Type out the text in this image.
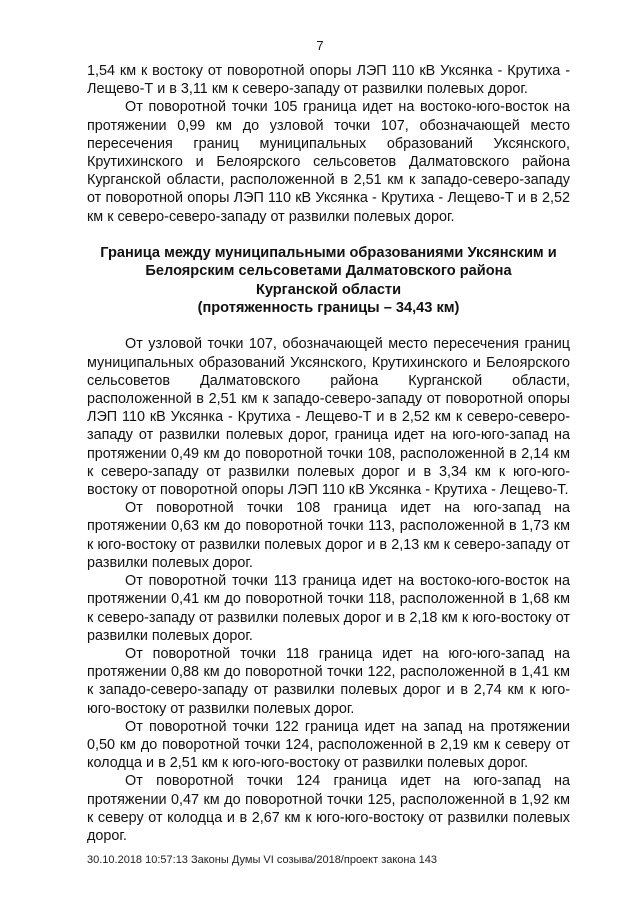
7

1,54 км к востоку от поворотной опоры ЛЭП 110 кВ Уксянка - Крутиха - Лещево-Т и в 3,11 км к северо-западу от развилки полевых дорог.

От поворотной точки 105 граница идет на востоко-юго-восток на протяжении 0,99 км до узловой точки 107, обозначающей место пересечения границ муниципальных образований Уксянского, Крутихинского и Белоярского сельсоветов Далматовского района Курганской области, расположенной в 2,51 км к западо-северо-западу от поворотной опоры ЛЭП 110 кВ Уксянка - Крутиха - Лещево-Т и в 2,52 км к северо-северо-западу от развилки полевых дорог.

Граница между муниципальными образованиями Уксянским и
Белоярским сельсоветами Далматовского района
Курганской области
(протяженность границы – 34,43 км)

От узловой точки 107, обозначающей место пересечения границ муниципальных образований Уксянского, Крутихинского и Белоярского сельсоветов Далматовского района Курганской области, расположенной в 2,51 км к западо-северо-западу от поворотной опоры ЛЭП 110 кВ Уксянка - Крутиха - Лещево-Т и в 2,52 км к северо-северо-западу от развилки полевых дорог, граница идет на юго-юго-запад на протяжении 0,49 км до поворотной точки 108, расположенной в 2,14 км к северо-западу от развилки полевых дорог и в 3,34 км к юго-юго-востоку от поворотной опоры ЛЭП 110 кВ Уксянка - Крутиха - Лещево-Т.

От поворотной точки 108 граница идет на юго-запад на протяжении 0,63 км до поворотной точки 113, расположенной в 1,73 км к юго-востоку от развилки полевых дорог и в 2,13 км к северо-западу от развилки полевых дорог.

От поворотной точки 113 граница идет на востоко-юго-восток на протяжении 0,41 км до поворотной точки 118, расположенной в 1,68 км к северо-западу от развилки полевых дорог и в 2,18 км к юго-востоку от развилки полевых дорог.

От поворотной точки 118 граница идет на юго-юго-запад на протяжении 0,88 км до поворотной точки 122, расположенной в 1,41 км к западо-северо-западу от развилки полевых дорог и в 2,74 км к юго-юго-востоку от развилки полевых дорог.

От поворотной точки 122 граница идет на запад на протяжении 0,50 км до поворотной точки 124, расположенной в 2,19 км к северу от колодца и в 2,51 км к юго-юго-востоку от развилки полевых дорог.

От поворотной точки 124 граница идет на юго-запад на протяжении 0,47 км до поворотной точки 125, расположенной в 1,92 км к северу от колодца и в 2,67 км к юго-юго-востоку от развилки полевых дорог.

30.10.2018 10:57:13 Законы Думы VI созыва/2018/проект закона 143
